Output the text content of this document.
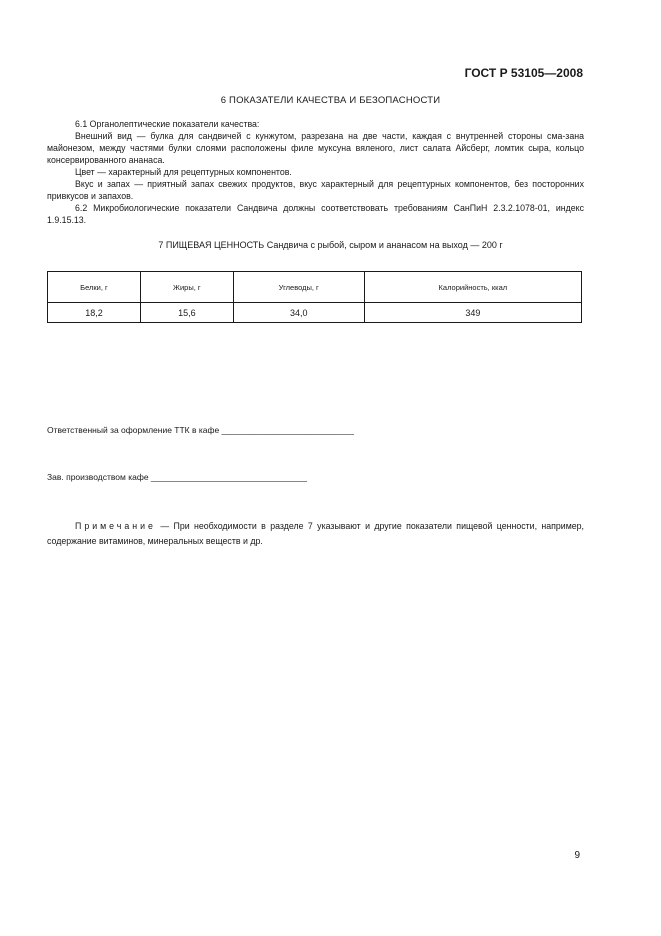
ГОСТ Р 53105—2008
6 ПОКАЗАТЕЛИ КАЧЕСТВА И БЕЗОПАСНОСТИ

6.1 Органолептические показатели качества:

Внешний вид — булка для сандвичей с кунжутом, разрезана на две части, каждая с внутренней стороны сма-зана майонезом, между частями булки слоями расположены филе муксуна вяленого, лист салата Айсберг, ломтик сыра, кольцо консервированного ананаса.

Цвет — характерный для рецептурных компонентов.

Вкус и запах — приятный запах свежих продуктов, вкус характерный для рецептурных компонентов, без посторонних привкусов и запахов.

6.2 Микробиологические показатели Сандвича должны соответствовать требованиям СанПиН 2.3.2.1078-01, индекс 1.9.15.13.

7 ПИЩЕВАЯ ЦЕННОСТЬ Сандвича с рыбой, сыром и ананасом на выход — 200 г
Белки, г	Жиры, г	Углеводы, г	Калорийность, ккал
18,2	15,6	34,0	349
Ответственный за оформление ТТК в кафе ____________________________
Зав. производством кафе _________________________________

Примечание — При необходимости в разделе 7 указывают и другие показатели пищевой ценности, например, содержание витаминов, минеральных веществ и др.

9
